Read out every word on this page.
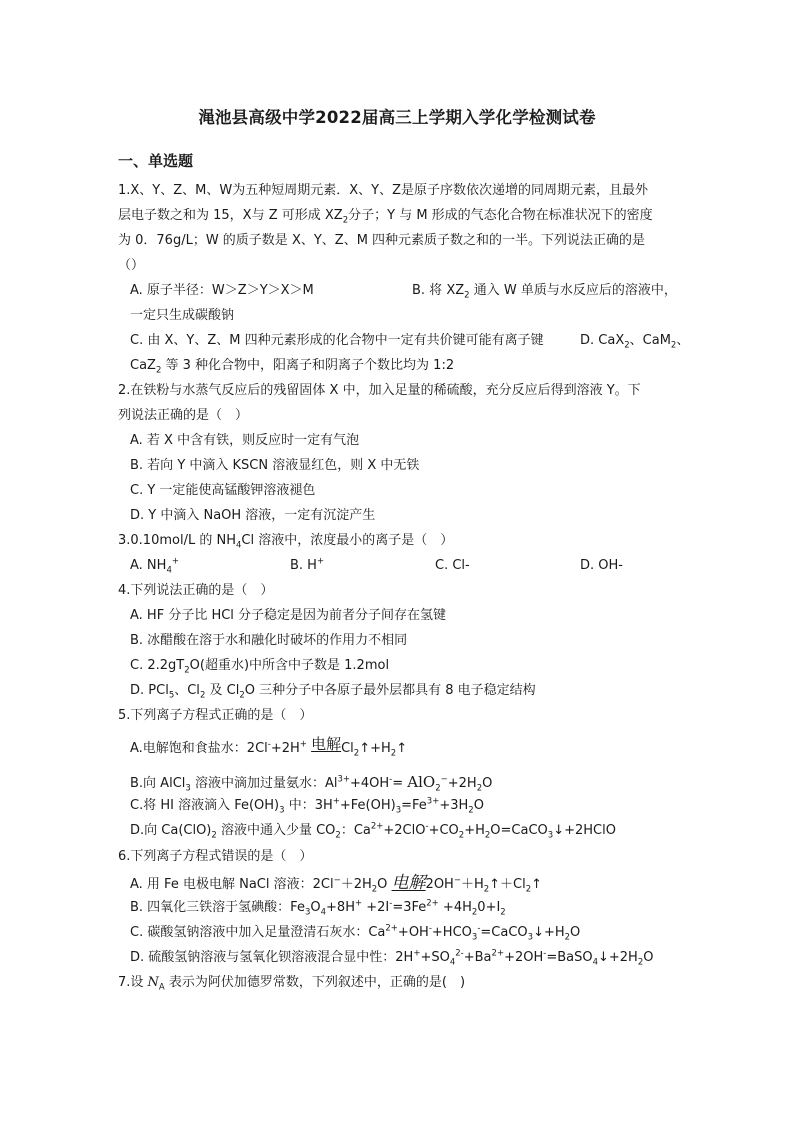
渑池县高级中学2022届高三上学期入学化学检测试卷
一、单选题
1.X、Y、Z、M、W为五种短周期元素．X、Y、Z是原子序数依次递增的同周期元素，且最外
层电子数之和为 15，X与 Z 可形成 $XZ_2$分子；Y 与 M 形成的气态化合物在标准状况下的密度
为 0．76g/L；W 的质子数是 X、Y、Z、M 四种元素质子数之和的一半。下列说法正确的是
（）
A. 原子半径：W＞Z＞Y＞X＞M	B. 将 $XZ_2$ 通入 W 单质与水反应后的溶液中，
一定只生成碳酸钠
C. 由 X、Y、Z、M 四种元素形成的化合物中一定有共价键可能有离子键	D. CaX$_2$、CaM$_2$、
CaZ$_2$ 等 3 种化合物中，阳离子和阴离子个数比均为 1:2
2.在铁粉与水蒸气反应后的残留固体 X 中，加入足量的稀硫酸，充分反应后得到溶液 Y。下
列说法正确的是（　）
A. 若 X 中含有铁，则反应时一定有气泡
B. 若向 Y 中滴入 KSCN 溶液显红色，则 X 中无铁
C. Y 一定能使高锰酸钾溶液褪色
D. Y 中滴入 NaOH 溶液，一定有沉淀产生
3.0.10mol/L 的 $NH_4Cl$ 溶液中，浓度最小的离子是（　）
A. $NH_4^+$	B. H+	C. Cl-	D. OH-
4.下列说法正确的是（　）
A. HF 分子比 HCl 分子稳定是因为前者分子间存在氢键
B. 冰醋酸在溶于水和融化时破坏的作用力不相同
C. $2.2gT_2O$(超重水)中所含中子数是 1.2mol
D. PCl$_5$、$Cl_2$ 及 $Cl_2O$ 三种分子中各原子最外层都具有 8 电子稳定结构
5.下列离子方程式正确的是（　）
A.电解饱和食盐水：2Cl-+2H+ 电解$Cl_2↑+H_2↑$
B.向 AlCl$_3$ 溶液中滴加过量氨水：$Al^{3+}+4OH^-= AlO_2^-+2H_2O$
C.将 HI 溶液滴入 $Fe(OH)_3$ 中：$3H^++Fe(OH)_3=Fe^{3+}+3H_2O$
D.向 $Ca(ClO)_2$ 溶液中通入少量 $CO_2$：$Ca^{2+}+2ClO^-+CO_2+H_2O=CaCO_3↓+2HClO$
6.下列离子方程式错误的是（　）
A. 用 Fe 电极电解 NaCl 溶液：$2Cl^-+2H_2O$ 电解$2OH^-+H_2↑+Cl_2↑$
B. 四氧化三铁溶于氢碘酸：$Fe_3O_4+8H^+ +2I^-=3Fe^{2+} +4H_20+I_2$
C. 碳酸氢钠溶液中加入足量澄清石灰水：$Ca^{2+}+OH^-+HCO_3^-=CaCO_3↓+H_2O$
D. 硫酸氢钠溶液与氢氧化钡溶液混合显中性：$2H^++SO_4^{2-}+Ba^{2+}+2OH^-=BaSO_4↓+2H_2O$
7.设 $N_A$ 表示为阿伏加德罗常数，下列叙述中，正确的是(　)
